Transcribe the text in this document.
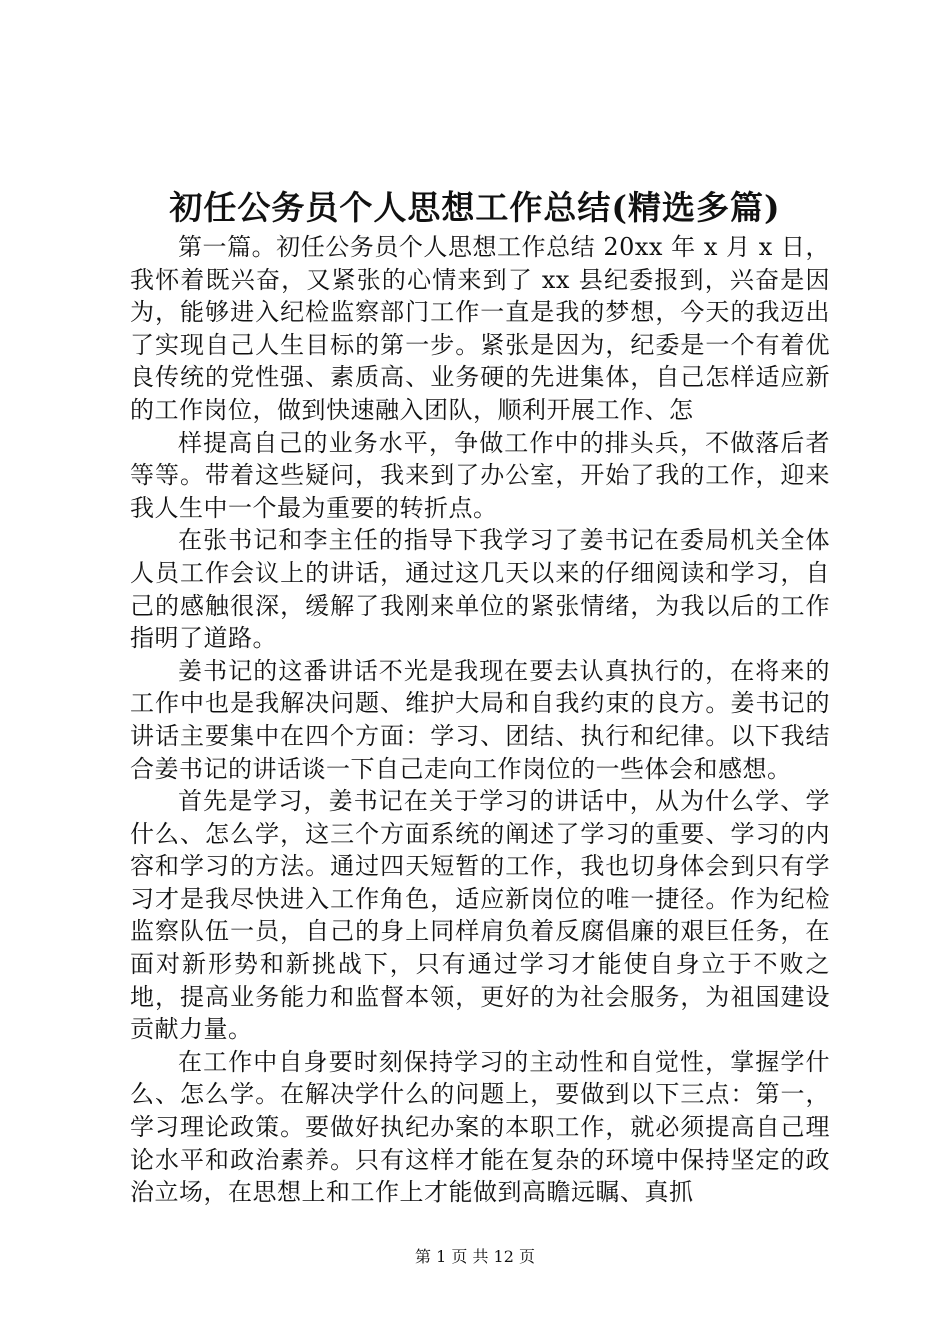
初任公务员个人思想工作总结(精选多篇)

第一篇。初任公务员个人思想工作总结 20xx 年 x 月 x 日，我怀着既兴奋，又紧张的心情来到了 xx 县纪委报到，兴奋是因为，能够进入纪检监察部门工作一直是我的梦想，今天的我迈出了实现自己人生目标的第一步。紧张是因为，纪委是一个有着优良传统的党性强、素质高、业务硬的先进集体，自己怎样适应新的工作岗位，做到快速融入团队，顺利开展工作、怎

样提高自己的业务水平，争做工作中的排头兵，不做落后者等等。带着这些疑问，我来到了办公室，开始了我的工作，迎来我人生中一个最为重要的转折点。

在张书记和李主任的指导下我学习了姜书记在委局机关全体人员工作会议上的讲话，通过这几天以来的仔细阅读和学习，自己的感触很深，缓解了我刚来单位的紧张情绪，为我以后的工作指明了道路。

姜书记的这番讲话不光是我现在要去认真执行的，在将来的工作中也是我解决问题、维护大局和自我约束的良方。姜书记的讲话主要集中在四个方面：学习、团结、执行和纪律。以下我结合姜书记的讲话谈一下自己走向工作岗位的一些体会和感想。

首先是学习，姜书记在关于学习的讲话中，从为什么学、学什么、怎么学，这三个方面系统的阐述了学习的重要、学习的内容和学习的方法。通过四天短暂的工作，我也切身体会到只有学习才是我尽快进入工作角色，适应新岗位的唯一捷径。作为纪检监察队伍一员，自己的身上同样肩负着反腐倡廉的艰巨任务，在面对新形势和新挑战下，只有通过学习才能使自身立于不败之地，提高业务能力和监督本领，更好的为社会服务，为祖国建设贡献力量。

在工作中自身要时刻保持学习的主动性和自觉性，掌握学什么、怎么学。在解决学什么的问题上，要做到以下三点：第一，学习理论政策。要做好执纪办案的本职工作，就必须提高自己理论水平和政治素养。只有这样才能在复杂的环境中保持坚定的政治立场，在思想上和工作上才能做到高瞻远瞩、真抓

第 1 页 共 12 页
